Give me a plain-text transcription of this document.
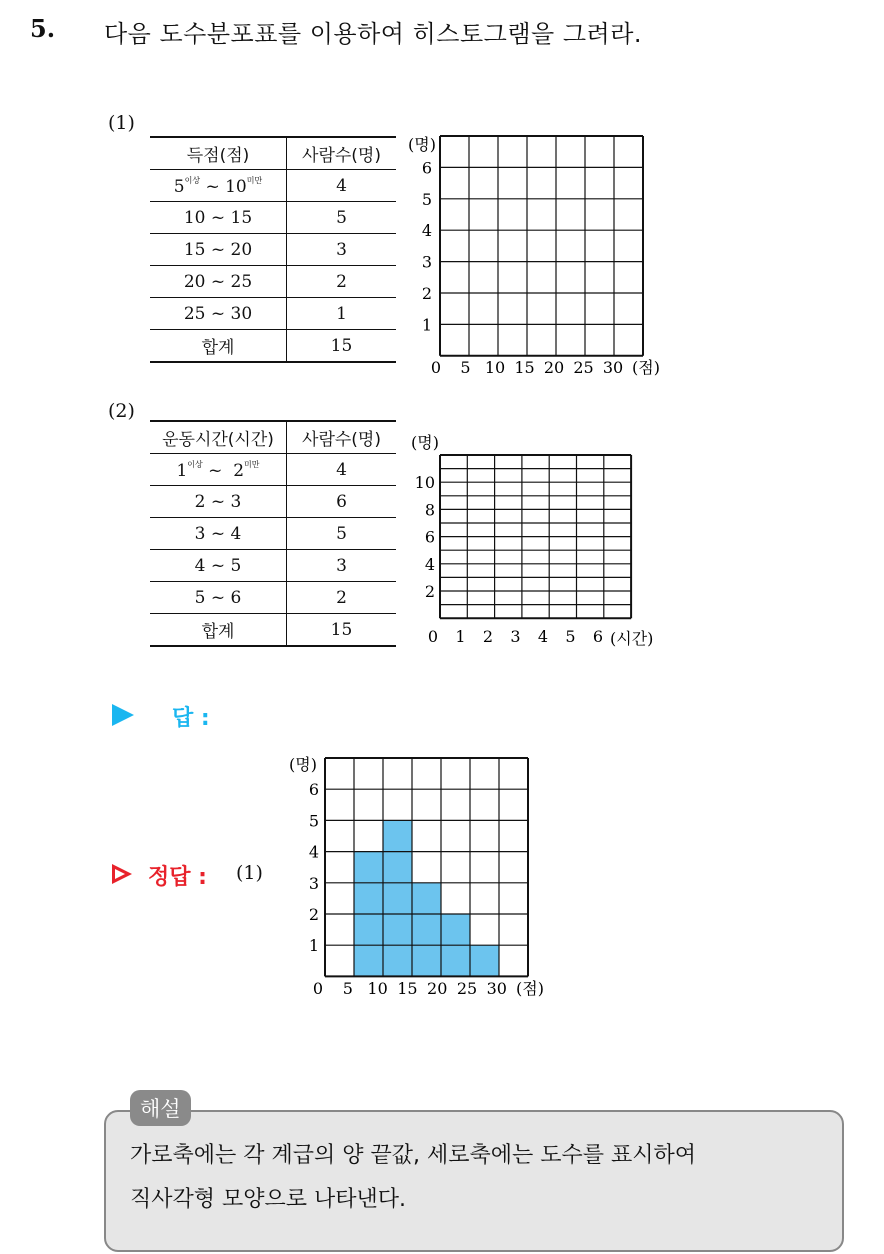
5. 다음 도수분포표를 이용하여 히스토그램을 그려라.
(1)
득점(점)	사람수(명)
$5^{이상}$ ~ $10^{미만}$	4
10 ~ 15	5
15 ~ 20	3
20 ~ 25	2
25 ~ 30	1
합계	15
(명)
1
2
3
4
5
6
0 5 10 15 20 25 30 (점)
(2)
운동시간(시간)	사람수(명)
$1^{이상}$ ~  $2^{미만}$	4
2 ~ 3	6
3 ~ 4	5
4 ~ 5	3
5 ~ 6	2
합계	15
(명)
2
4
6
8
10
0 1 2 3 4 5 6 (시간)
답 :
정답 : (1)
(명)
1
2
3
4
5
6
0 5 10 15 20 25 30 (점)
가로축에는 각 계급의 양 끝값, 세로축에는 도수를 표시하여
직사각형 모양으로 나타낸다.
해설
